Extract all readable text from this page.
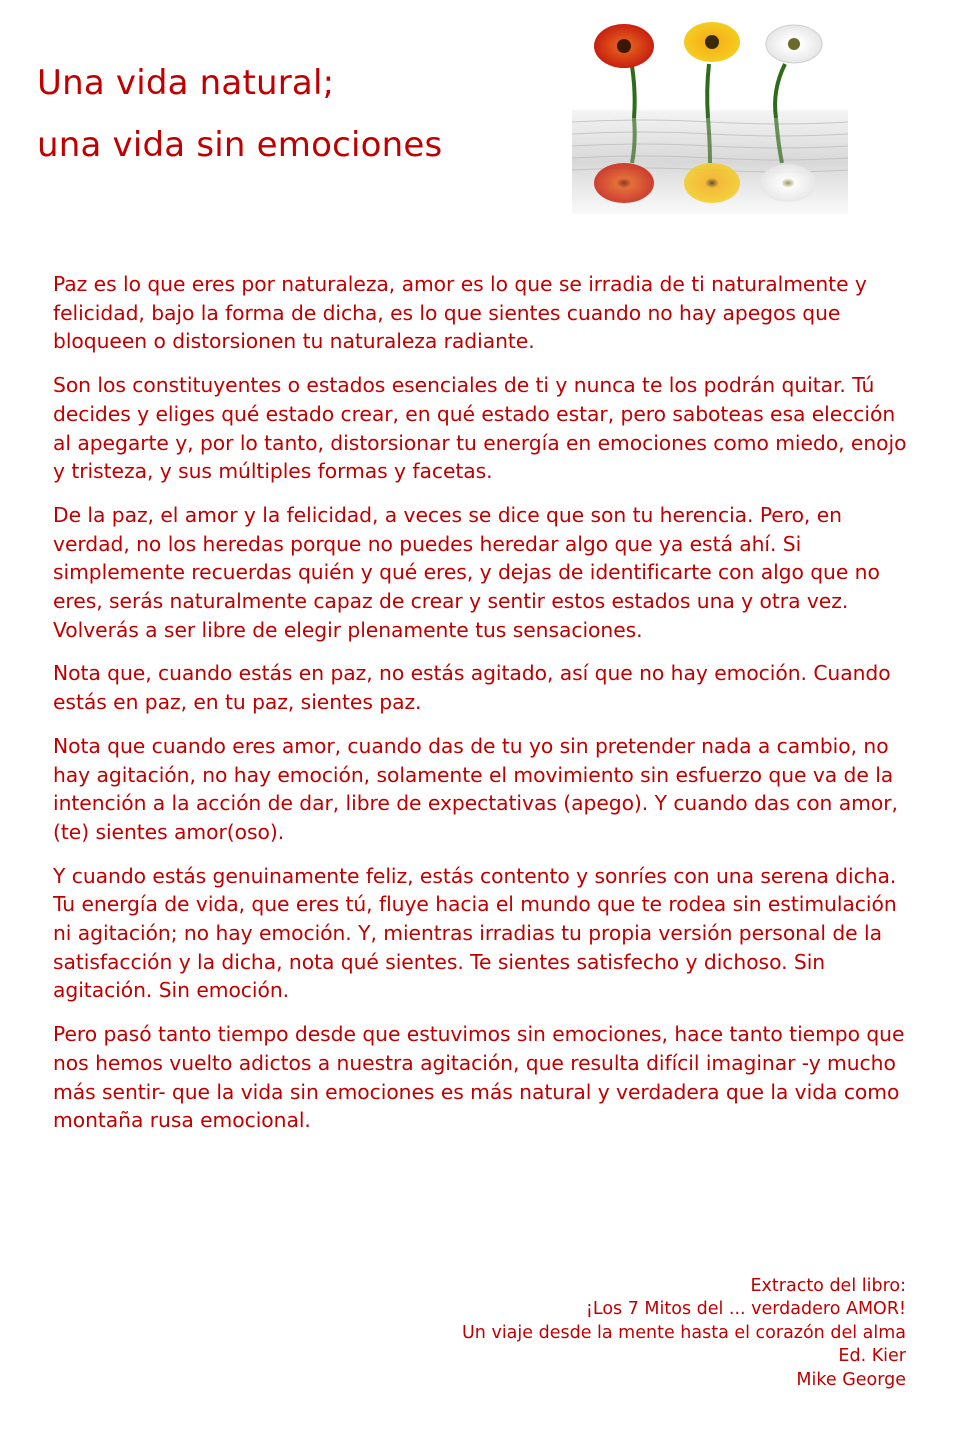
Una vida natural;
una vida sin emociones

Paz es lo que eres por naturaleza, amor es lo que se irradia de ti naturalmente y felicidad, bajo la forma de dicha, es lo que sientes cuando no hay apegos que bloqueen o distorsionen tu naturaleza radiante.

Son los constituyentes o estados esenciales de ti y nunca te los podrán quitar. Tú decides y eliges qué estado crear, en qué estado estar, pero saboteas esa elección al apegarte y, por lo tanto, distorsionar tu energía en emociones como miedo, enojo y tristeza, y sus múltiples formas y facetas.

De la paz, el amor y la felicidad, a veces se dice que son tu herencia. Pero, en verdad, no los heredas porque no puedes heredar algo que ya está ahí. Si simplemente recuerdas quién y qué eres, y dejas de identificarte con algo que no eres, serás naturalmente capaz de crear y sentir estos estados una y otra vez. Volverás a ser libre de elegir plenamente tus sensaciones.

Nota que, cuando estás en paz, no estás agitado, así que no hay emoción. Cuando estás en paz, en tu paz, sientes paz.

Nota que cuando eres amor, cuando das de tu yo sin pretender nada a cambio, no hay agitación, no hay emoción, solamente el movimiento sin esfuerzo que va de la intención a la acción de dar, libre de expectativas (apego). Y cuando das con amor, (te) sientes amor(oso).

Y cuando estás genuinamente feliz, estás contento y sonríes con una serena dicha. Tu energía de vida, que eres tú, fluye hacia el mundo que te rodea sin estimulación ni agitación; no hay emoción. Y, mientras irradias tu propia versión personal de la satisfacción y la dicha, nota qué sientes. Te sientes satisfecho y dichoso. Sin agitación. Sin emoción.

Pero pasó tanto tiempo desde que estuvimos sin emociones, hace tanto tiempo que nos hemos vuelto adictos a nuestra agitación, que resulta difícil imaginar -y mucho más sentir- que la vida sin emociones es más natural y verdadera que la vida como montaña rusa emocional.

Extracto del libro:
¡Los 7 Mitos del ... verdadero AMOR!
Un viaje desde la mente hasta el corazón del alma
Ed. Kier
Mike George
